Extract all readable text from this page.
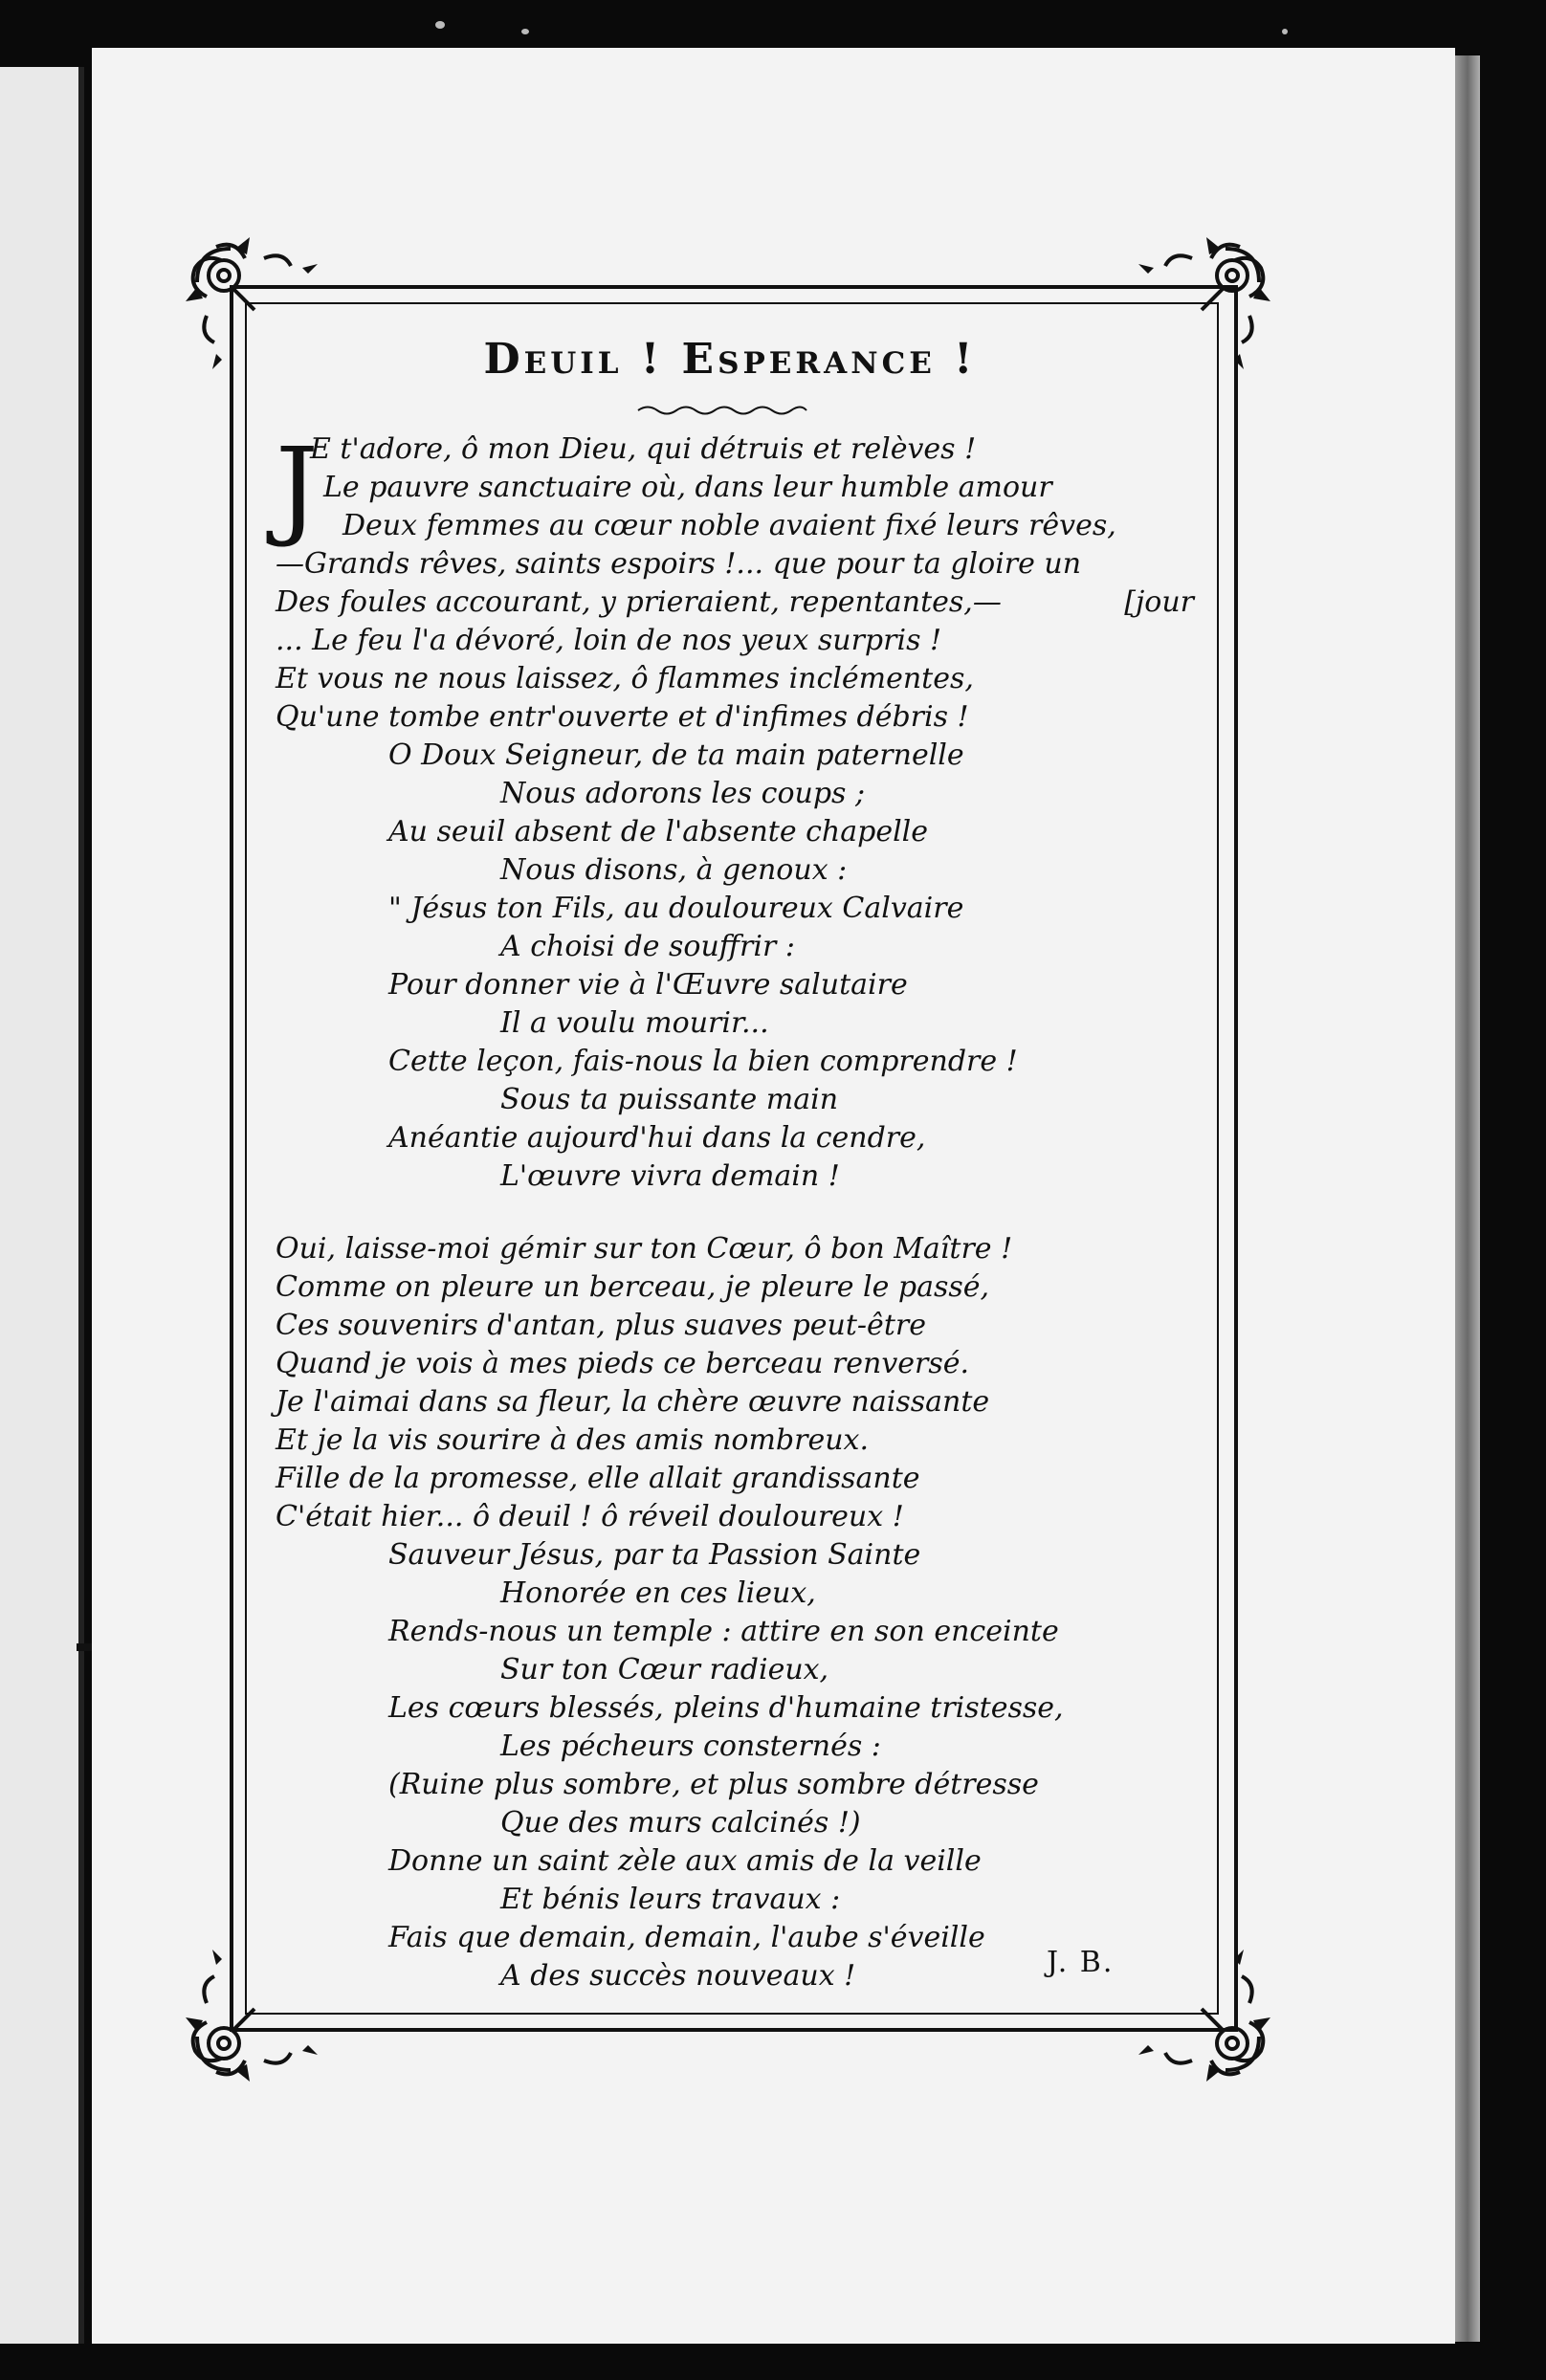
Deuil ! Esperance !
J
E t'adore, ô mon Dieu, qui détruis et relèves !
Le pauvre sanctuaire où, dans leur humble amour
Deux femmes au cœur noble avaient fixé leurs rêves,
—Grands rêves, saints espoirs !... que pour ta gloire un
Des foules accourant, y prieraient, repentantes,—	[jour
... Le feu l'a dévoré, loin de nos yeux surpris !
Et vous ne nous laissez, ô flammes inclémentes,
Qu'une tombe entr'ouverte et d'infimes débris !
O Doux Seigneur, de ta main paternelle
Nous adorons les coups ;
Au seuil absent de l'absente chapelle
Nous disons, à genoux :
" Jésus ton Fils, au douloureux Calvaire
A choisi de souffrir :
Pour donner vie à l'Œuvre salutaire
Il a voulu mourir...
Cette leçon, fais-nous la bien comprendre !
Sous ta puissante main
Anéantie aujourd'hui dans la cendre,
L'œuvre vivra demain !
Oui, laisse-moi gémir sur ton Cœur, ô bon Maître !
Comme on pleure un berceau, je pleure le passé,
Ces souvenirs d'antan, plus suaves peut-être
Quand je vois à mes pieds ce berceau renversé.
Je l'aimai dans sa fleur, la chère œuvre naissante
Et je la vis sourire à des amis nombreux.
Fille de la promesse, elle allait grandissante
C'était hier... ô deuil ! ô réveil douloureux !
Sauveur Jésus, par ta Passion Sainte
Honorée en ces lieux,
Rends-nous un temple : attire en son enceinte
Sur ton Cœur radieux,
Les cœurs blessés, pleins d'humaine tristesse,
Les pécheurs consternés :
(Ruine plus sombre, et plus sombre détresse
Que des murs calcinés !)
Donne un saint zèle aux amis de la veille
Et bénis leurs travaux :
Fais que demain, demain, l'aube s'éveille
A des succès nouveaux !	J. B.
